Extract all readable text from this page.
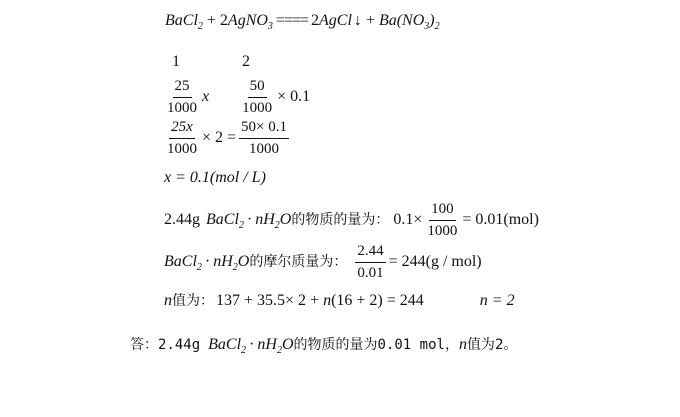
BaCl$_2$ + 2AgNO$_3$ ==== 2AgCl ↓ + $Ba(NO_3)_2$
1	2
$\frac{25}{1000}$ x $\frac{50}{1000} \times 0.1$
$\frac{25x}{1000} \times 2 = \frac{50\times 0.1}{1000}$
x = 0.1(mol / L)
2.44g BaCl$_2$ · $nH_2O$ 的物质的量为： $0.1\times \frac{100}{1000} = 0.01(mol)$
BaCl$_2$ · $nH_2O$ 的摩尔质量为： $\frac{2.44}{0.01} = 244(g / mol)$
n 值为： 137 + 35.5× 2 + n (16 + 2) = 244	n = 2
答：2.44g BaCl$_2$ · $nH_2O$ 的物质的量为 0.01 mol ， n 值为 2。
